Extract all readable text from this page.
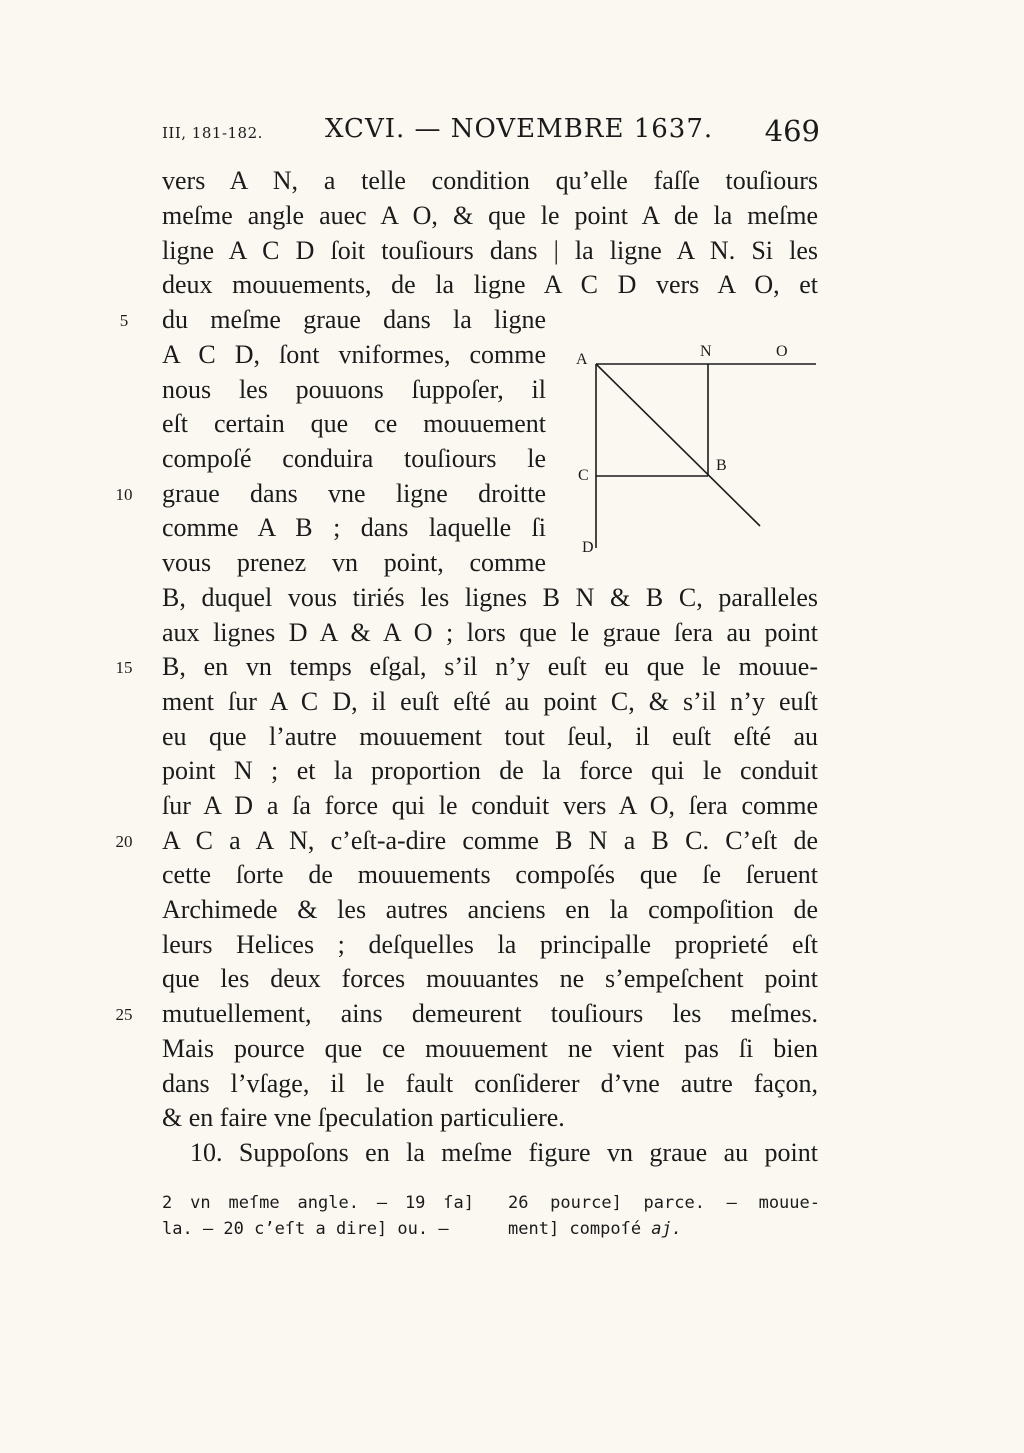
III, 181-182. XCVI. — NOVEMBRE 1637. 469
vers A N, a telle condition qu’elle faſſe touſiours
meſme angle auec A O, & que le point A de la meſme
ligne A C D ſoit touſiours dans | la ligne A N. Si les
deux mouuements, de la ligne A C D vers A O, et
du meſme graue dans la ligne
A C D, ſont vniformes, comme
nous les pouuons ſuppoſer, il
eſt certain que ce mouuement
compoſé conduira touſiours le
graue dans vne ligne droitte
comme A B ; dans laquelle ſi
vous prenez vn point, comme
B, duquel vous tiriés les lignes B N & B C, paralleles
aux lignes D A & A O ; lors que le graue ſera au point
B, en vn temps eſgal, s’il n’y euſt eu que le mouue-
ment ſur A C D, il euſt eſté au point C, & s’il n’y euſt
eu que l’autre mouuement tout ſeul, il euſt eſté au
point N ; et la proportion de la force qui le conduit
ſur A D a ſa force qui le conduit vers A O, ſera comme
A C a A N, c’eſt-a-dire comme B N a B C. C’eſt de
cette ſorte de mouuements compoſés que ſe ſeruent
Archimede & les autres anciens en la compoſition de
leurs Helices ; deſquelles la principalle proprieté eſt
que les deux forces mouuantes ne s’empeſchent point
mutuellement, ains demeurent touſiours les meſmes.
Mais pource que ce mouuement ne vient pas ſi bien
dans l’vſage, il le fault conſiderer d’vne autre façon,
& en faire vne ſpeculation particuliere.
10. Suppoſons en la meſme figure vn graue au point
5
10
15
20
25
A	N	O
C
B
D
2 vn meſme angle. — 19 ſa]
la. — 20 c’eſt a dire] ou. —
26 pource] parce. — mouue-
ment] compoſé aj.
